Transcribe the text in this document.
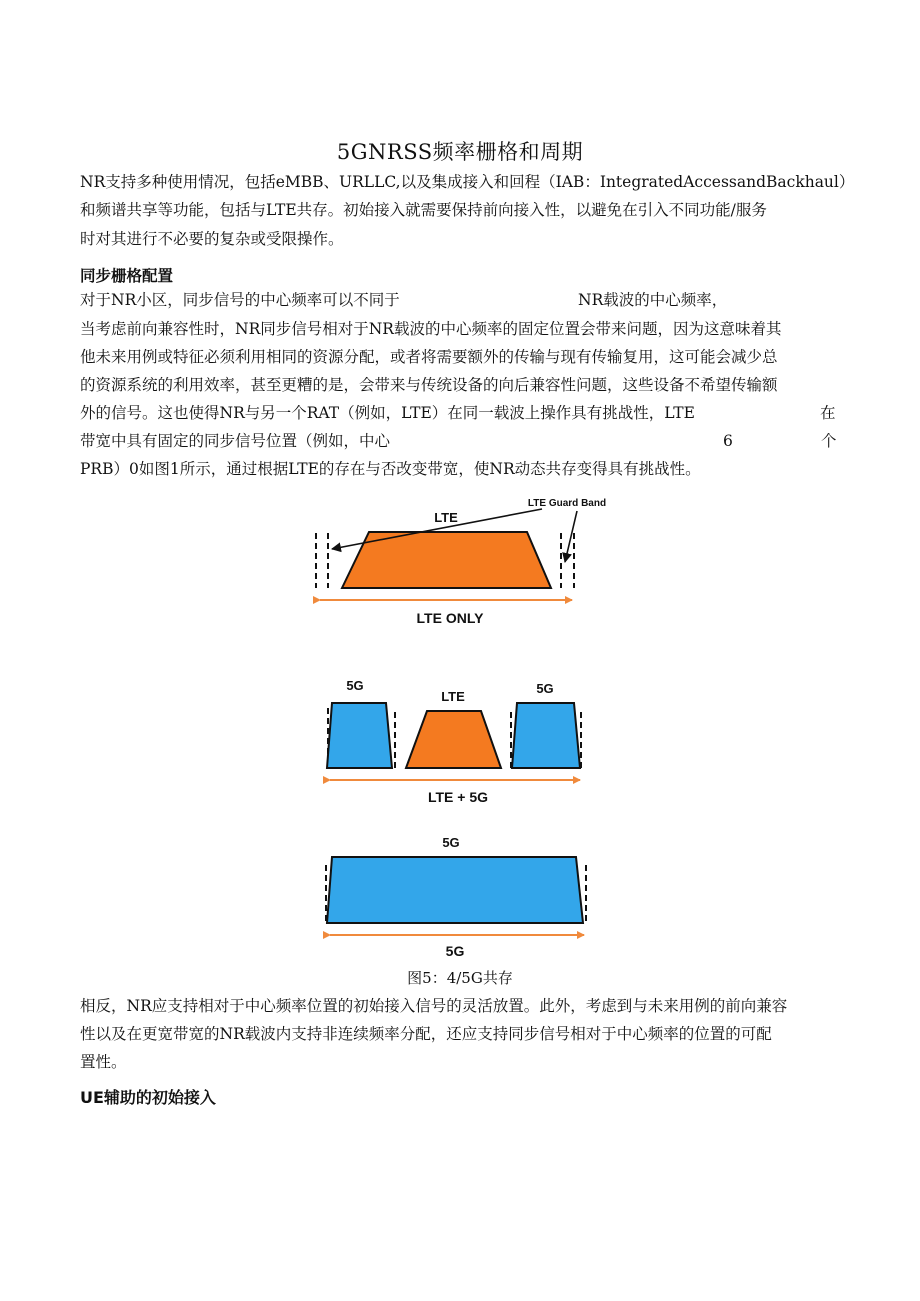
5GNRSS频率栅格和周期
NR支持多种使用情况，包括eMBB、URLLC,以及集成接入和回程（IAB：IntegratedAccessandBackhaul）
和频谱共享等功能，包括与LTE共存。初始接入就需要保持前向接入性，以避免在引入不同功能/服务
时对其进行不必要的复杂或受限操作。
同步栅格配置
对于NR小区，同步信号的中心频率可以不同于	NR载波的中心频率，
当考虑前向兼容性时，NR同步信号相对于NR载波的中心频率的固定位置会带来问题，因为这意味着其
他未来用例或特征必须利用相同的资源分配，或者将需要额外的传输与现有传输复用，这可能会减少总
的资源系统的利用效率，甚至更糟的是，会带来与传统设备的向后兼容性问题，这些设备不希望传输额
外的信号。这也使得NR与另一个RAT（例如，LTE）在同一载波上操作具有挑战性，LTE	在
带宽中具有固定的同步信号位置（例如，中心	6	个
PRB）0如图1所示，通过根据LTE的存在与否改变带宽，使NR动态共存变得具有挑战性。
LTE
LTE Guard Band
LTE ONLY
5G
LTE
5G
LTE + 5G
5G
5G
图5：4/5G共存
相反，NR应支持相对于中心频率位置的初始接入信号的灵活放置。此外，考虑到与未来用例的前向兼容
性以及在更宽带宽的NR载波内支持非连续频率分配，还应支持同步信号相对于中心频率的位置的可配
置性。
UE辅助的初始接入
